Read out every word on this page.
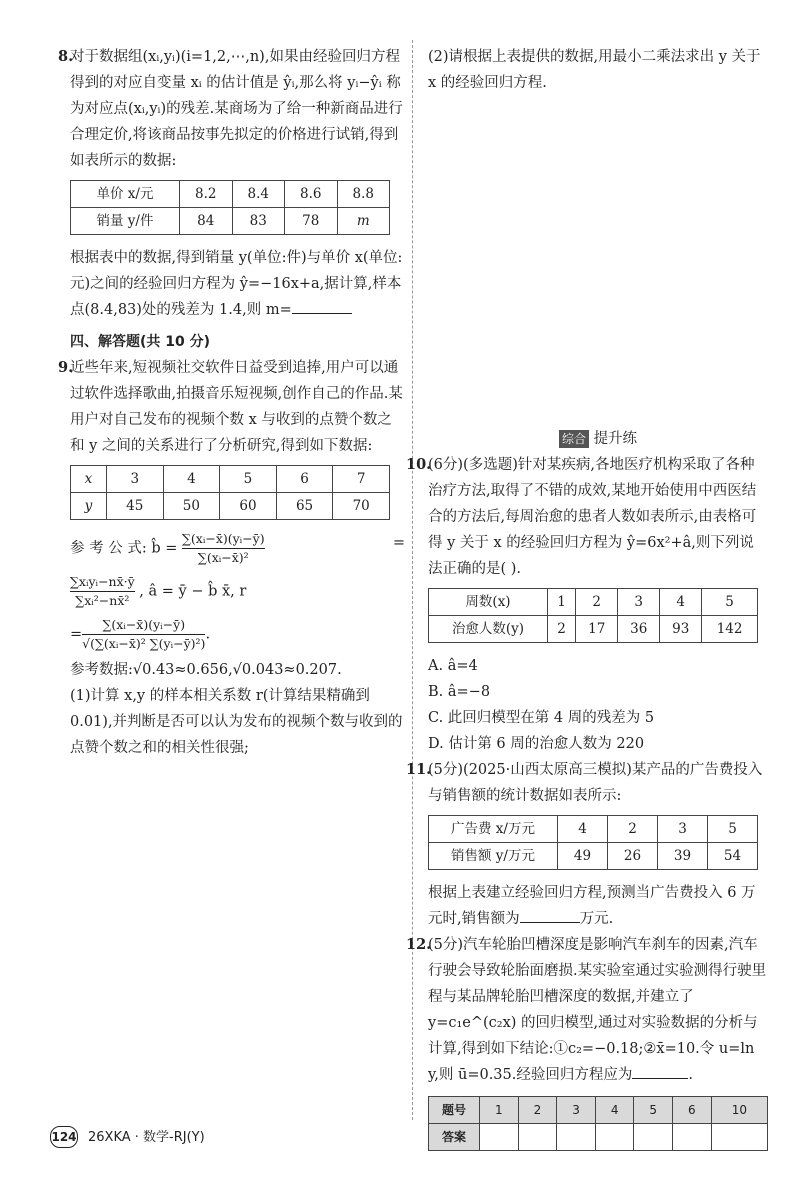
8.

对于数据组(xᵢ,yᵢ)(i=1,2,⋯,n),如果由经验回归方程得到的对应自变量 xᵢ 的估计值是 ŷᵢ,那么将 yᵢ−ŷᵢ 称为对应点(xᵢ,yᵢ)的残差.某商场为了给一种新商品进行合理定价,将该商品按事先拟定的价格进行试销,得到如表所示的数据:

单价 x/元	8.2	8.4	8.6	8.8
销量 y/件	84	83	78	m

根据表中的数据,得到销量 y(单位:件)与单价 x(单位:元)之间的经验回归方程为 ŷ=−16x+a,据计算,样本点(8.4,83)处的残差为 1.4,则 m=

四、解答题(共 10 分)

9.

近些年来,短视频社交软件日益受到追捧,用户可以通过软件选择歌曲,拍摄音乐短视频,创作自己的作品.某用户对自己发布的视频个数 x 与收到的点赞个数之和 y 之间的关系进行了分析研究,得到如下数据:

x	3	4	5	6	7
y	45	50	60	65	70

参 考 公 式: b̂ = $\frac{\text{∑(xᵢ−x̄)(yᵢ−ȳ)}}{\text{∑(xᵢ−x̄)²}}$	=

$\frac{\text{∑xᵢyᵢ−nx̄·ȳ}}{\text{∑xᵢ²−nx̄²}}$ , â = ȳ − b̂ x̄, r

= $\frac{\text{∑(xᵢ−x̄)(yᵢ−ȳ)}}{\text{√(∑(xᵢ−x̄)² ∑(yᵢ−ȳ)²)}}$ .

参考数据:√0.43≈0.656,√0.043≈0.207.

(1)计算 x,y 的样本相关系数 r(计算结果精确到 0.01),并判断是否可以认为发布的视频个数与收到的点赞个数之和的相关性很强;

(2)请根据上表提供的数据,用最小二乘法求出 y 关于 x 的经验回归方程.

综合 提升练

10.

(6分)(多选题)针对某疾病,各地医疗机构采取了各种治疗方法,取得了不错的成效,某地开始使用中西医结合的方法后,每周治愈的患者人数如表所示,由表格可得 y 关于 x 的经验回归方程为 ŷ=6x²+â,则下列说法正确的是( ).

周数(x)	1	2	3	4	5
治愈人数(y)	2	17	36	93	142

A. â=4

B. â=−8

C. 此回归模型在第 4 周的残差为 5

D. 估计第 6 周的治愈人数为 220

11.

(5分)(2025·山西太原高三模拟)某产品的广告费投入与销售额的统计数据如表所示:

广告费 x/万元	4	2	3	5
销售额 y/万元	49	26	39	54

根据上表建立经验回归方程,预测当广告费投入 6 万元时,销售额为	万元.

12.

(5分)汽车轮胎凹槽深度是影响汽车刹车的因素,汽车行驶会导致轮胎面磨损.某实验室通过实验测得行驶里程与某品牌轮胎凹槽深度的数据,并建立了 y=c₁e^(c₂x) 的回归模型,通过对实验数据的分析与计算,得到如下结论:①c₂=−0.18;②x̄=10.令 u=ln y,则 ū=0.35.经验回归方程应为	.

题号	1	2	3	4	5	6	10
答案							
124 26XKA · 数学-RJ(Y)
